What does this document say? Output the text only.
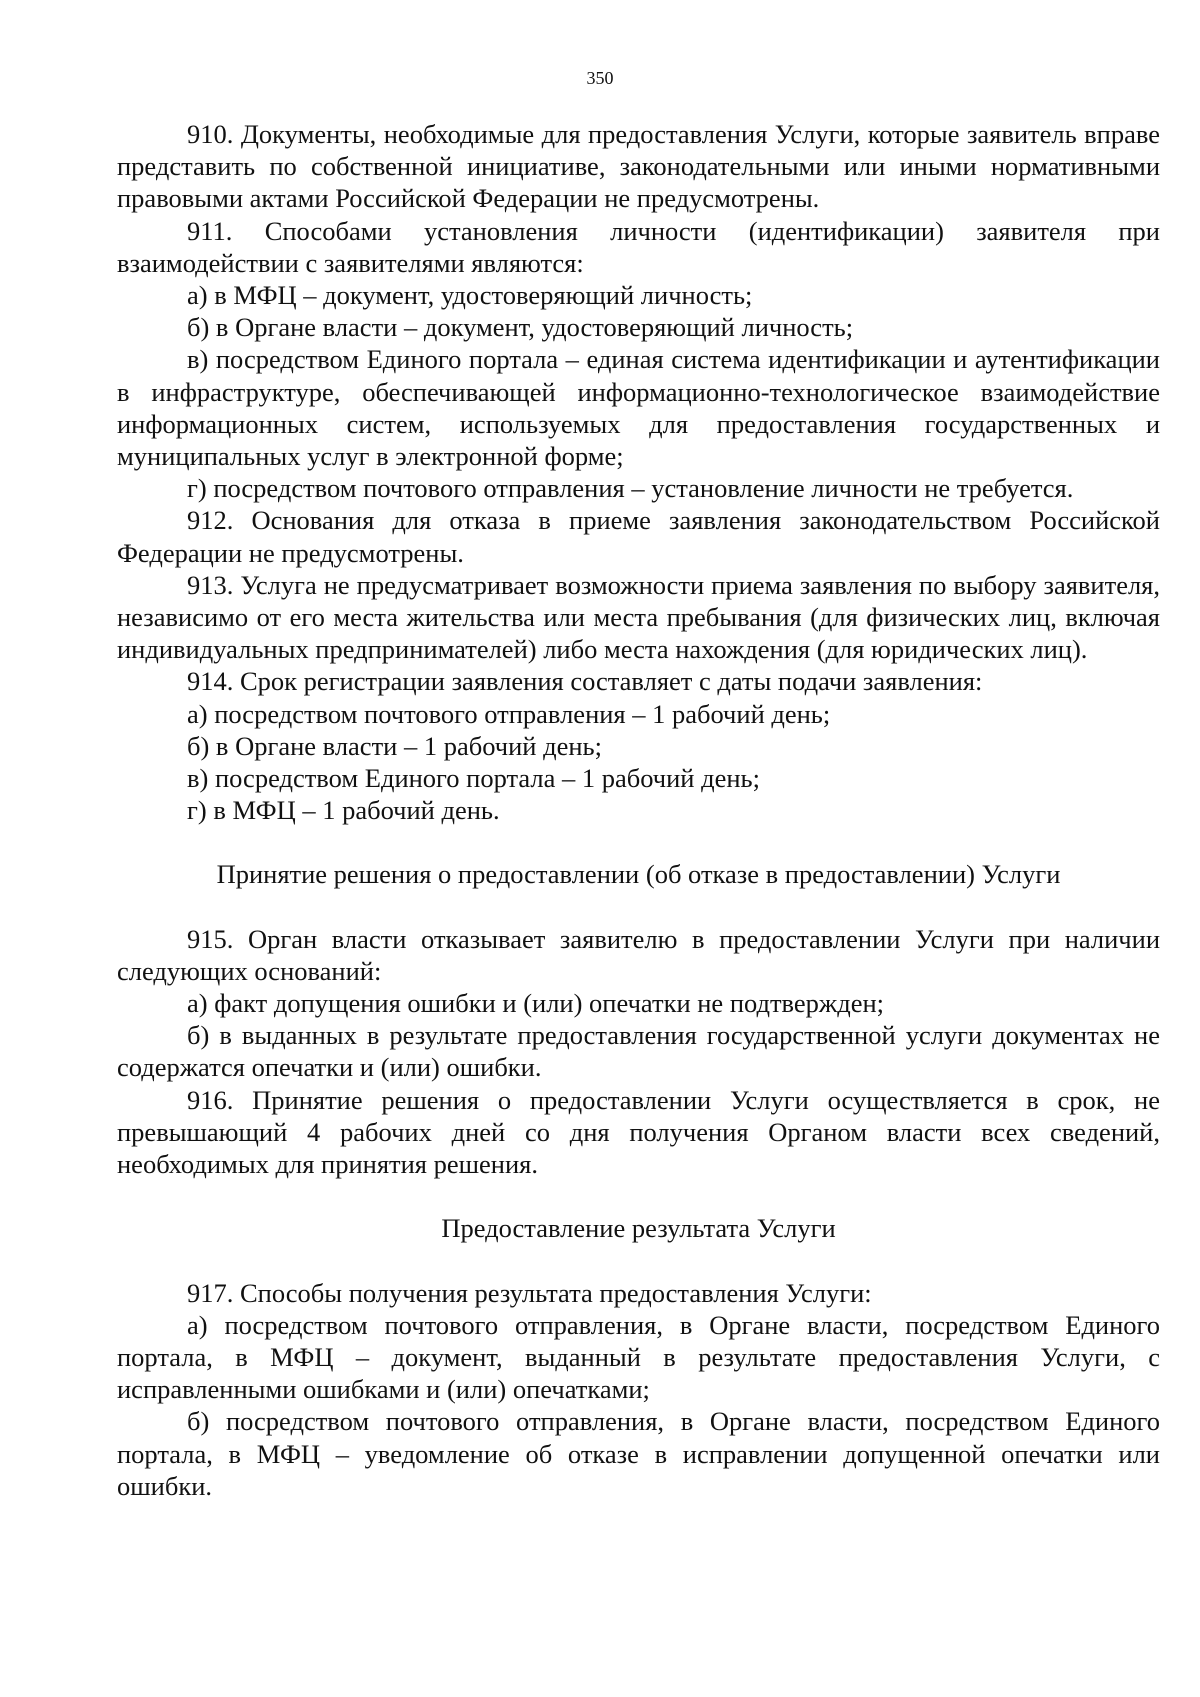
350

910. Документы, необходимые для предоставления Услуги, которые заявитель вправе представить по собственной инициативе, законодательными или иными нормативными правовыми актами Российской Федерации не предусмотрены.

911. Способами установления личности (идентификации) заявителя при взаимодействии с заявителями являются:

а) в МФЦ – документ, удостоверяющий личность;

б) в Органе власти – документ, удостоверяющий личность;

в) посредством Единого портала – единая система идентификации и аутентификации в инфраструктуре, обеспечивающей информационно-технологическое взаимодействие информационных систем, используемых для предоставления государственных и муниципальных услуг в электронной форме;

г) посредством почтового отправления – установление личности не требуется.

912. Основания для отказа в приеме заявления законодательством Российской Федерации не предусмотрены.

913. Услуга не предусматривает возможности приема заявления по выбору заявителя, независимо от его места жительства или места пребывания (для физических лиц, включая индивидуальных предпринимателей) либо места нахождения (для юридических лиц).

914. Срок регистрации заявления составляет с даты подачи заявления:

а) посредством почтового отправления – 1 рабочий день;

б) в Органе власти – 1 рабочий день;

в) посредством Единого портала – 1 рабочий день;

г) в МФЦ – 1 рабочий день.

Принятие решения о предоставлении (об отказе в предоставлении) Услуги

915. Орган власти отказывает заявителю в предоставлении Услуги при наличии следующих оснований:

а) факт допущения ошибки и (или) опечатки не подтвержден;

б) в выданных в результате предоставления государственной услуги документах не содержатся опечатки и (или) ошибки.

916. Принятие решения о предоставлении Услуги осуществляется в срок, не превышающий 4 рабочих дней со дня получения Органом власти всех сведений, необходимых для принятия решения.

Предоставление результата Услуги

917. Способы получения результата предоставления Услуги:

а) посредством почтового отправления, в Органе власти, посредством Единого портала, в МФЦ – документ, выданный в результате предоставления Услуги, с исправленными ошибками и (или) опечатками;

б) посредством почтового отправления, в Органе власти, посредством Единого портала, в МФЦ – уведомление об отказе в исправлении допущенной опечатки или ошибки.
